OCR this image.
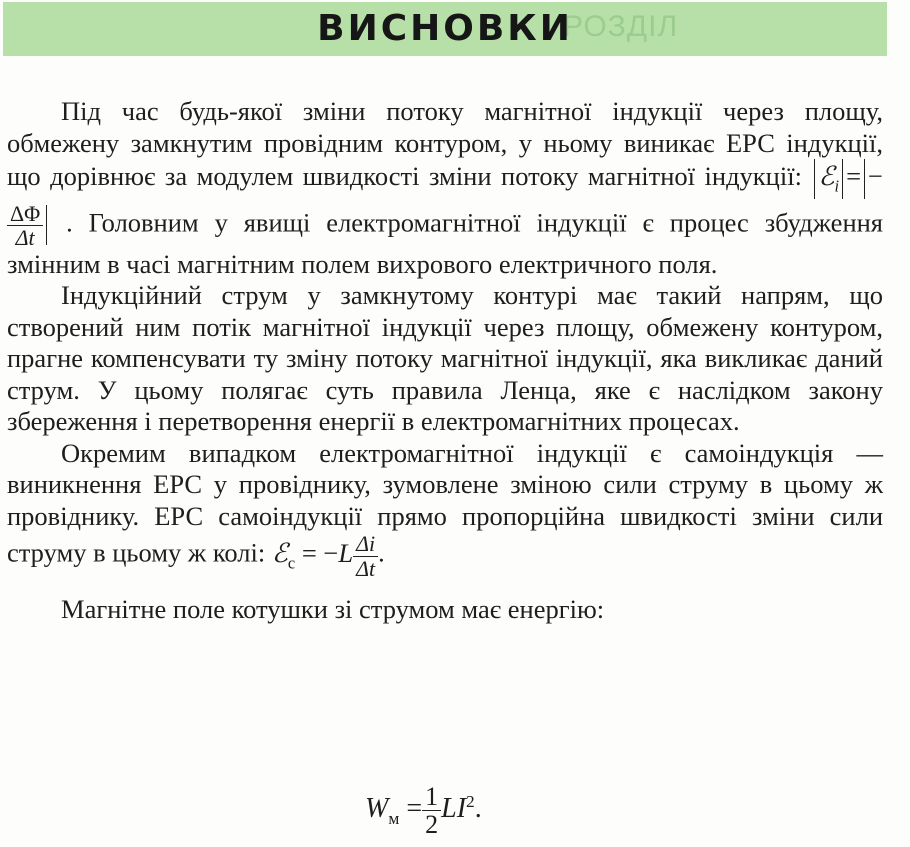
РОЗДІЛ
ВИСНОВКИ

Під час будь-якої зміни потоку магнітної індукції через площу, обмежену замкнутим провідним контуром, у ньому виникає ЕРС індукції, що дорівнює за модулем швидкості зміни потоку магнітної індукції: ℰ$_i$ = −
$\frac{\Delta\Phi}{\Delta t}$ . Головним у явищі електромагнітної індукції є процес збудження змінним в часі магнітним полем вихрового електричного поля.

Індукційний струм у замкнутому контурі має такий напрям, що створений ним потік магнітної індукції через площу, обмежену контуром, прагне компенсувати ту зміну потоку магнітної індукції, яка викликає даний струм. У цьому полягає суть правила Ленца, яке є наслідком закону збереження і перетворення енергії в електромагнітних процесах.

Окремим випадком електромагнітної індукції є самоіндукція — виникнення ЕРС у провіднику, зумовлене зміною сили струму в цьому ж провіднику. ЕРС самоіндукції прямо пропорційна швидкості зміни сили струму в цьому ж колі: ℰ$_c$ = $-L \frac{\Delta i}{\Delta t}$ .

Магнітне поле котушки зі струмом має енергію:

$W_м = \frac{1}{2} LI^2$.
